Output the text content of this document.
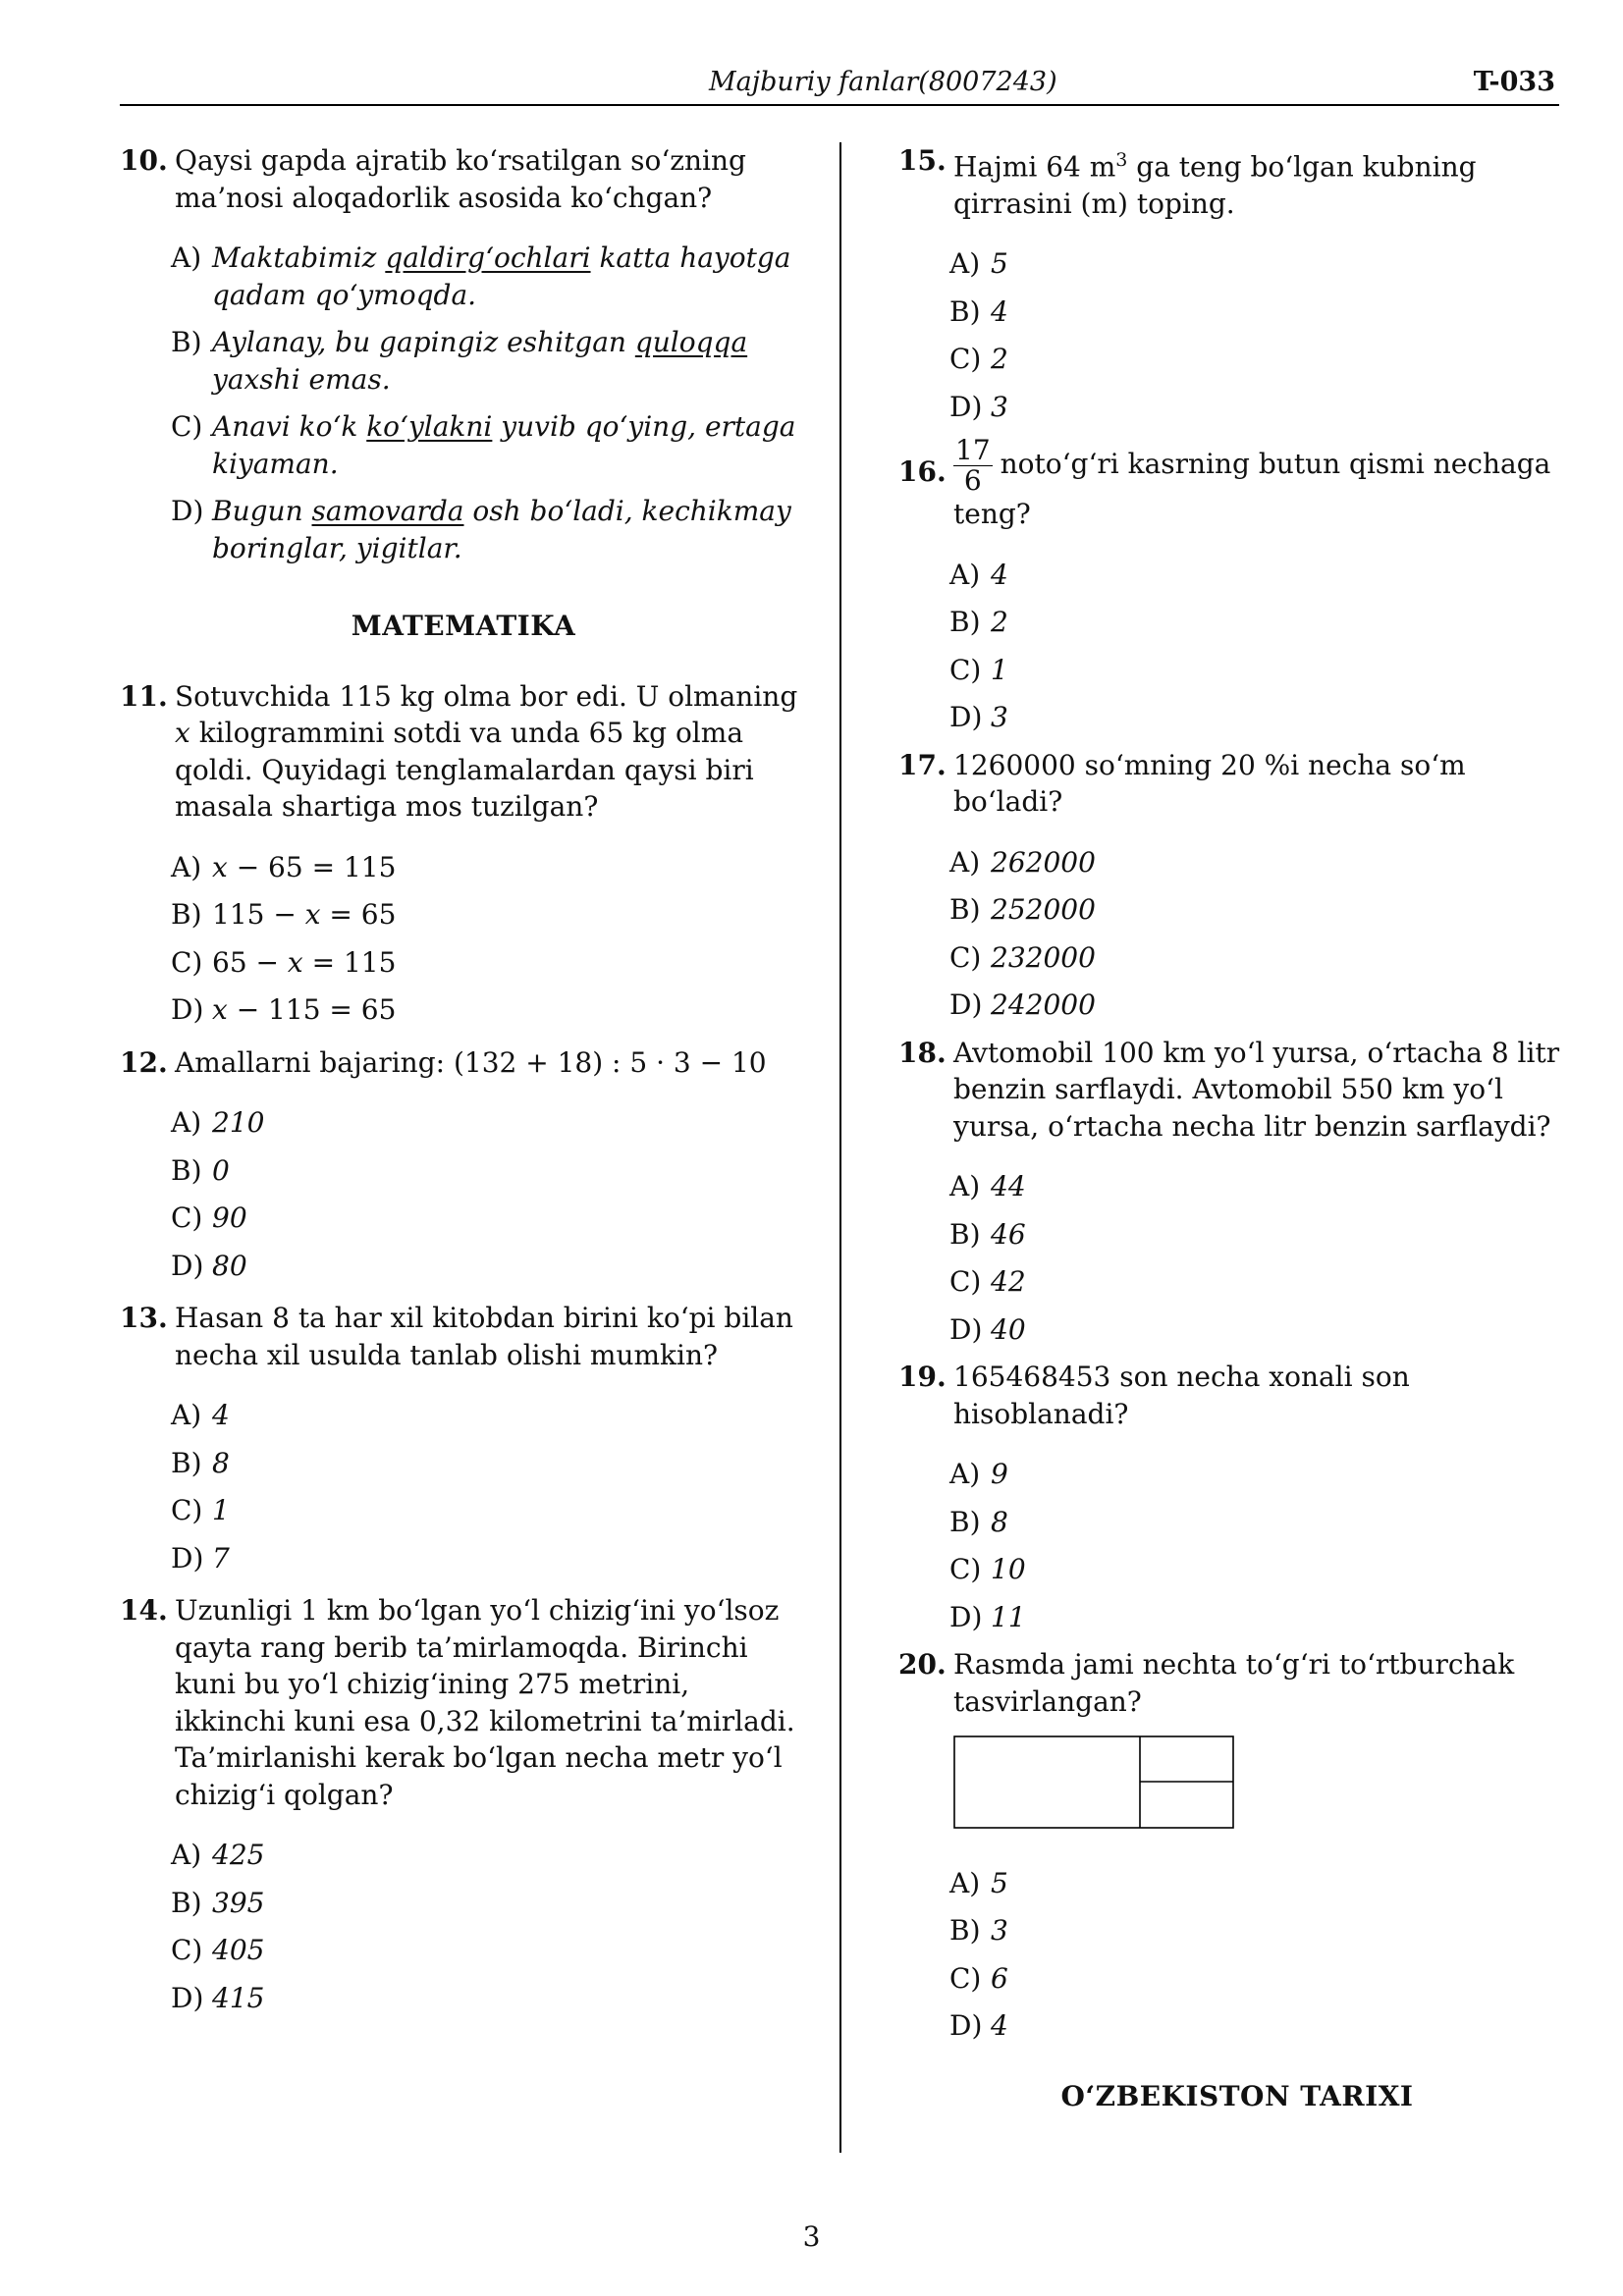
Majburiy fanlar(8007243)	T-033
10. Qaysi gapda ajratib ko‘rsatilgan so‘zning ma’nosi aloqadorlik asosida ko‘chgan?

A) Maktabimiz qaldirg‘ochlari katta hayotga qadam qo‘ymoqda.
B) Aylanay, bu gapingiz eshitgan quloqqa yaxshi emas.
C) Anavi ko‘k ko‘ylakni yuvib qo‘ying, ertaga kiyaman.
D) Bugun samovarda osh bo‘ladi, kechikmay boringlar, yigitlar.
MATEMATIKA
11. Sotuvchida 115 kg olma bor edi. U olmaning x kilogrammini sotdi va unda 65 kg olma qoldi. Quyidagi tenglamalardan qaysi biri masala shartiga mos tuzilgan?

A) x − 65 = 115
B) 115 − x = 65
C) 65 − x = 115
D) x − 115 = 65
12. Amallarni bajaring: (132 + 18) : 5 · 3 − 10

A) 210
B) 0
C) 90
D) 80
13. Hasan 8 ta har xil kitobdan birini ko‘pi bilan necha xil usulda tanlab olishi mumkin?

A) 4
B) 8
C) 1
D) 7
14. Uzunligi 1 km bo‘lgan yo‘l chizig‘ini yo‘lsoz qayta rang berib ta’mirlamoqda. Birinchi kuni bu yo‘l chizig‘ining 275 metrini, ikkinchi kuni esa 0,32 kilometrini ta’mirladi. Ta’mirlanishi kerak bo‘lgan necha metr yo‘l chizig‘i qolgan?

A) 425
B) 395
C) 405
D) 415
15. Hajmi 64 $m^3$ ga teng bo‘lgan kubning qirrasini (m) toping.

A) 5
B) 4
C) 2
D) 3
16. $\frac{17}{6}$ noto‘g‘ri kasrning butun qismi nechaga teng?

A) 4
B) 2
C) 1
D) 3
17. 1260000 so‘mning 20 %i necha so‘m bo‘ladi?

A) 262000
B) 252000
C) 232000
D) 242000
18. Avtomobil 100 km yo‘l yursa, o‘rtacha 8 litr benzin sarflaydi. Avtomobil 550 km yo‘l yursa, o‘rtacha necha litr benzin sarflaydi?

A) 44
B) 46
C) 42
D) 40
19. 165468453 son necha xonali son hisoblanadi?

A) 9
B) 8
C) 10
D) 11
20. Rasmda jami nechta to‘g‘ri to‘rtburchak tasvirlangan?

A) 5
B) 3
C) 6
D) 4
O‘ZBEKISTON TARIXI
3
